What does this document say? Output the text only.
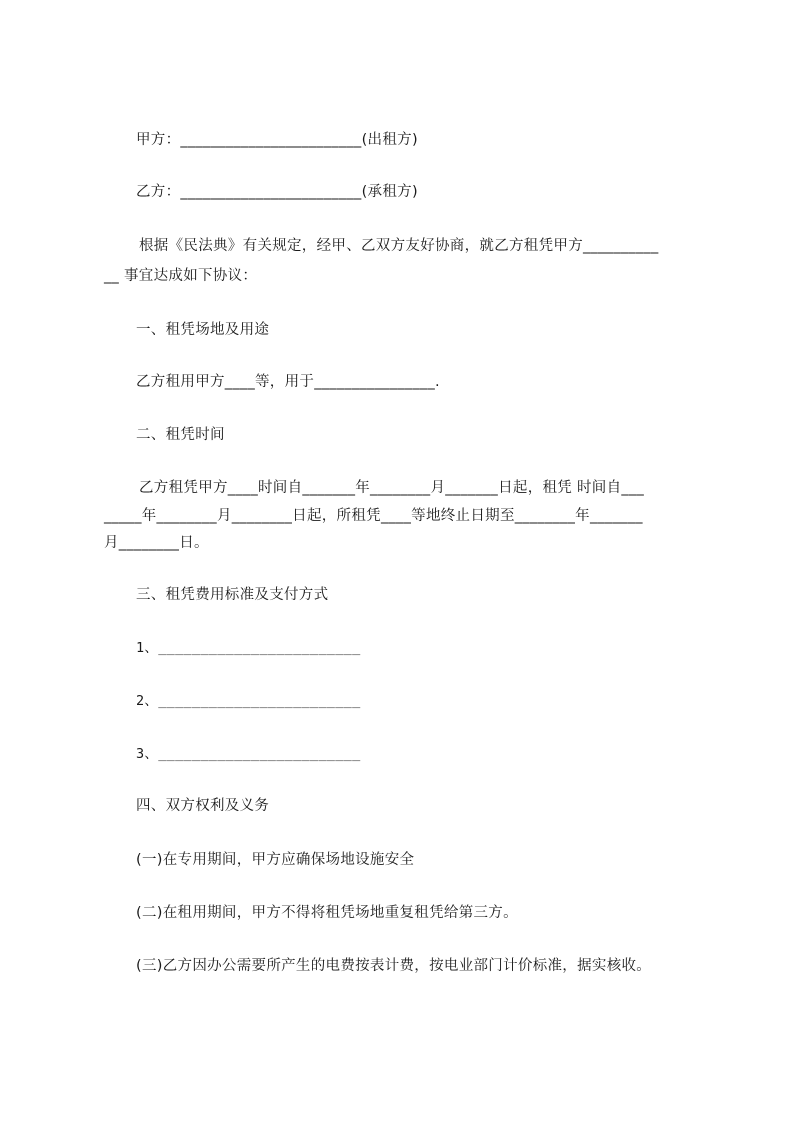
甲方：________________________(出租方)
乙方：________________________(承租方)
根据《民法典》有关规定，经甲、乙双方友好协商，就乙方租凭甲方__________
__ 事宜达成如下协议：
一、租凭场地及用途
乙方租用甲方____等，用于________________.
二、租凭时间
乙方租凭甲方____时间自_______年________月_______日起，租凭 时间自___
_____年________月________日起，所租凭____等地终止日期至________年_______
月________日。
三、租凭费用标准及支付方式
1、________________________
2、________________________
3、________________________
四、双方权利及义务
(一)在专用期间，甲方应确保场地设施安全
(二)在租用期间，甲方不得将租凭场地重复租凭给第三方。
(三)乙方因办公需要所产生的电费按表计费，按电业部门计价标准，据实核收。
